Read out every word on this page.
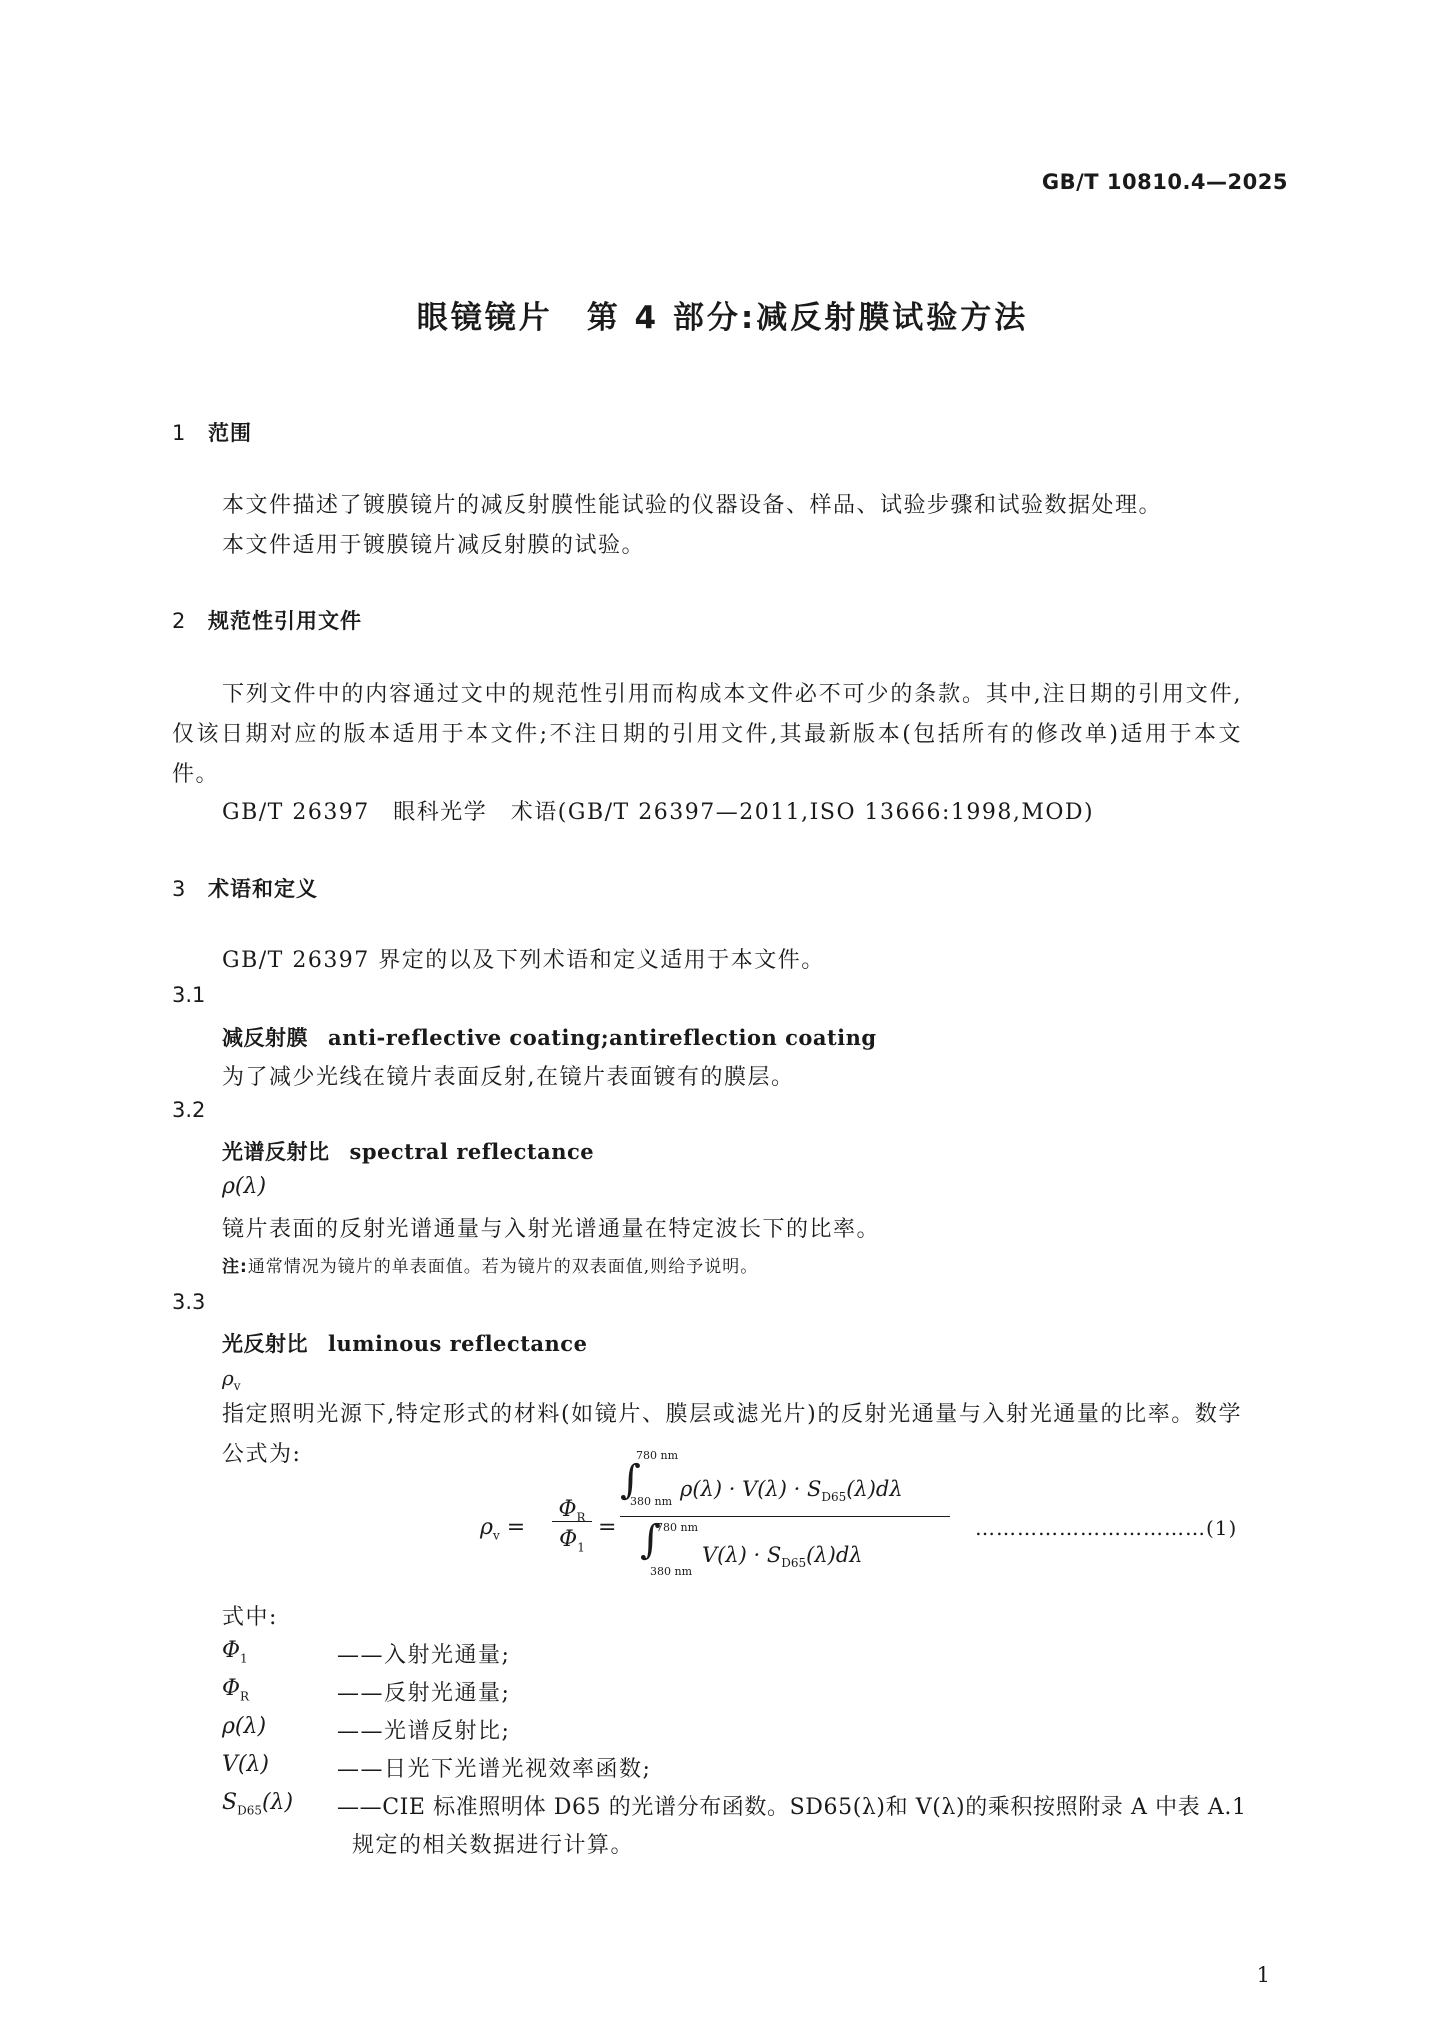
GB/T 10810.4—2025
眼镜镜片　第 4 部分:减反射膜试验方法
1 范围
本文件描述了镀膜镜片的减反射膜性能试验的仪器设备、样品、试验步骤和试验数据处理。
本文件适用于镀膜镜片减反射膜的试验。
2 规范性引用文件
下列文件中的内容通过文中的规范性引用而构成本文件必不可少的条款。其中,注日期的引用文件,仅该日期对应的版本适用于本文件;不注日期的引用文件,其最新版本(包括所有的修改单)适用于本文件。
GB/T 26397　眼科光学　术语(GB/T 26397—2011,ISO 13666:1998,MOD)
3 术语和定义
GB/T 26397 界定的以及下列术语和定义适用于本文件。
3.1
减反射膜 anti-reflective coating;antireflection coating
为了减少光线在镜片表面反射,在镜片表面镀有的膜层。
3.2
光谱反射比 spectral reflectance
ρ(λ)
镜片表面的反射光谱通量与入射光谱通量在特定波长下的比率。
注:通常情况为镜片的单表面值。若为镜片的双表面值,则给予说明。
3.3
光反射比 luminous reflectance
$\rho_v$
指定照明光源下,特定形式的材料(如镜片、膜层或滤光片)的反射光通量与入射光通量的比率。数学公式为:
$\rho_v$ =
$\Phi_R$
$\Phi_1$
=
∫
780 nm
380 nm
$\rho(\lambda) \cdot V(\lambda) \cdot S_{D65}(\lambda)d\lambda$
∫
780 nm
380 nm
$V(\lambda) \cdot S_{D65}(\lambda)d\lambda$
……………………………(1)
式中:
$\Phi_1$	——入射光通量;
$\Phi_R$	——反射光通量;
ρ(λ)	——光谱反射比;
V(λ)	——日光下光谱光视效率函数;
$S_{D65}(\lambda)$ ——CIE 标准照明体 D65 的光谱分布函数。SD65(λ)和 V(λ)的乘积按照附录 A 中表 A.1
规定的相关数据进行计算。
1
